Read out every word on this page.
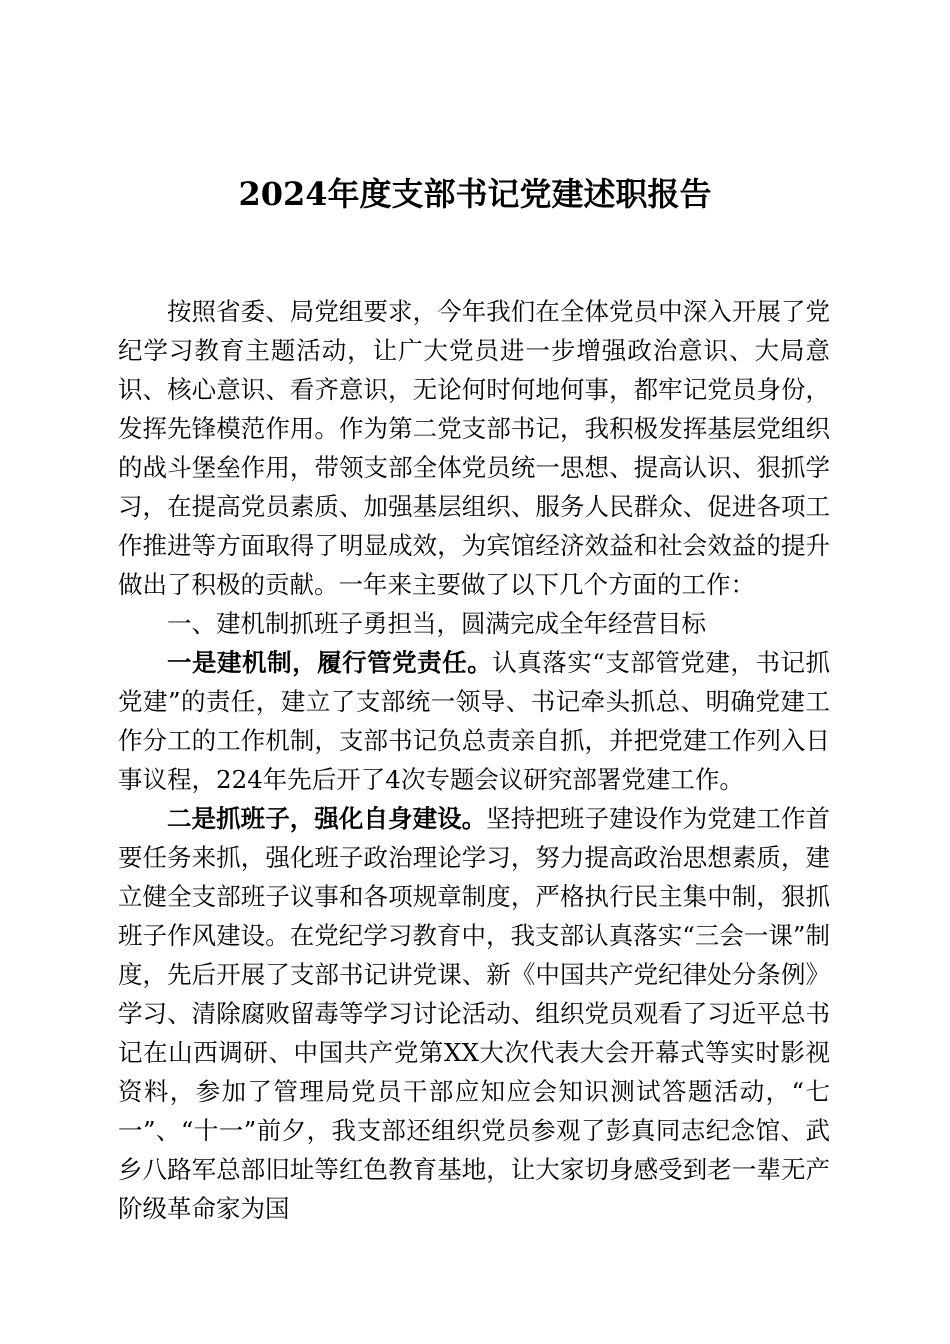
2024年度支部书记党建述职报告

按照省委、局党组要求，今年我们在全体党员中深入开展了党纪学习教育主题活动，让广大党员进一步增强政治意识、大局意识、核心意识、看齐意识，无论何时何地何事，都牢记党员身份，发挥先锋模范作用。作为第二党支部书记，我积极发挥基层党组织的战斗堡垒作用，带领支部全体党员统一思想、提高认识、狠抓学习，在提高党员素质、加强基层组织、服务人民群众、促进各项工作推进等方面取得了明显成效，为宾馆经济效益和社会效益的提升做出了积极的贡献。一年来主要做了以下几个方面的工作：

一、建机制抓班子勇担当，圆满完成全年经营目标

一是建机制，履行管党责任。认真落实“支部管党建，书记抓党建”的责任，建立了支部统一领导、书记牵头抓总、明确党建工作分工的工作机制，支部书记负总责亲自抓，并把党建工作列入日事议程，224年先后开了4次专题会议研究部署党建工作。

二是抓班子，强化自身建设。坚持把班子建设作为党建工作首要任务来抓，强化班子政治理论学习，努力提高政治思想素质，建立健全支部班子议事和各项规章制度，严格执行民主集中制，狠抓班子作风建设。在党纪学习教育中，我支部认真落实“三会一课”制度，先后开展了支部书记讲党课、新《中国共产党纪律处分条例》学习、清除腐败留毒等学习讨论活动、组织党员观看了习近平总书记在山西调研、中国共产党第XX大次代表大会开幕式等实时影视资料，参加了管理局党员干部应知应会知识测试答题活动，“七一”、“十一”前夕，我支部还组织党员参观了彭真同志纪念馆、武乡八路军总部旧址等红色教育基地，让大家切身感受到老一辈无产阶级革命家为国
